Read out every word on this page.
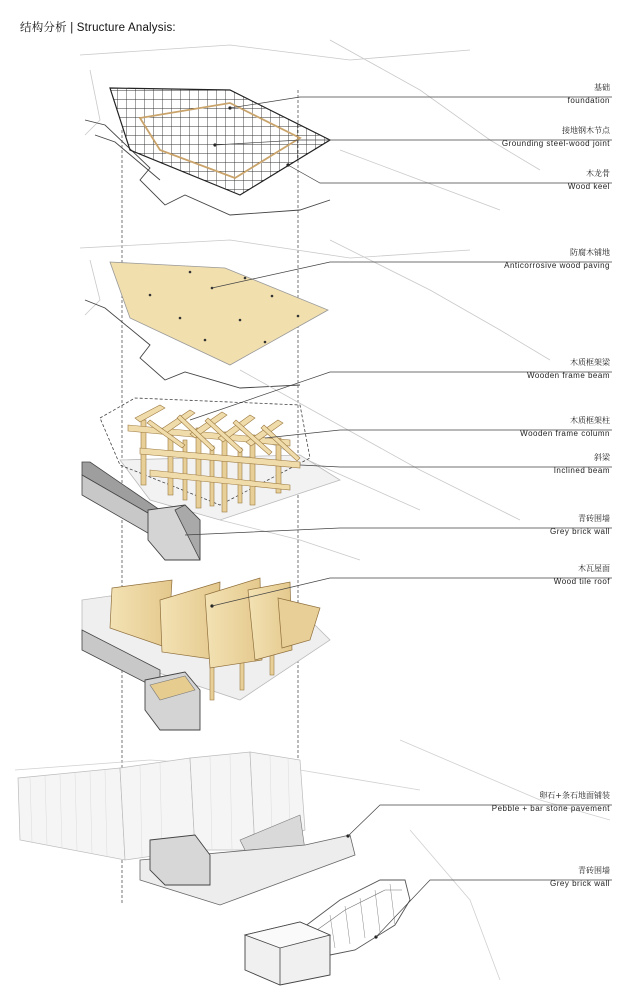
结构分析 | Structure Analysis:
基础
foundation
接地钢木节点
Grounding steel-wood joint
木龙骨
Wood keel
防腐木铺地
Anticorrosive wood paving
木质框架梁
Wooden frame beam
木质框架柱
Wooden frame column
斜梁
Inclined beam
青砖围墙
Grey brick wall
木瓦屋面
Wood tile roof
卵石+条石地面铺装
Pebble + bar stone pavement
青砖围墙
Grey brick wall
